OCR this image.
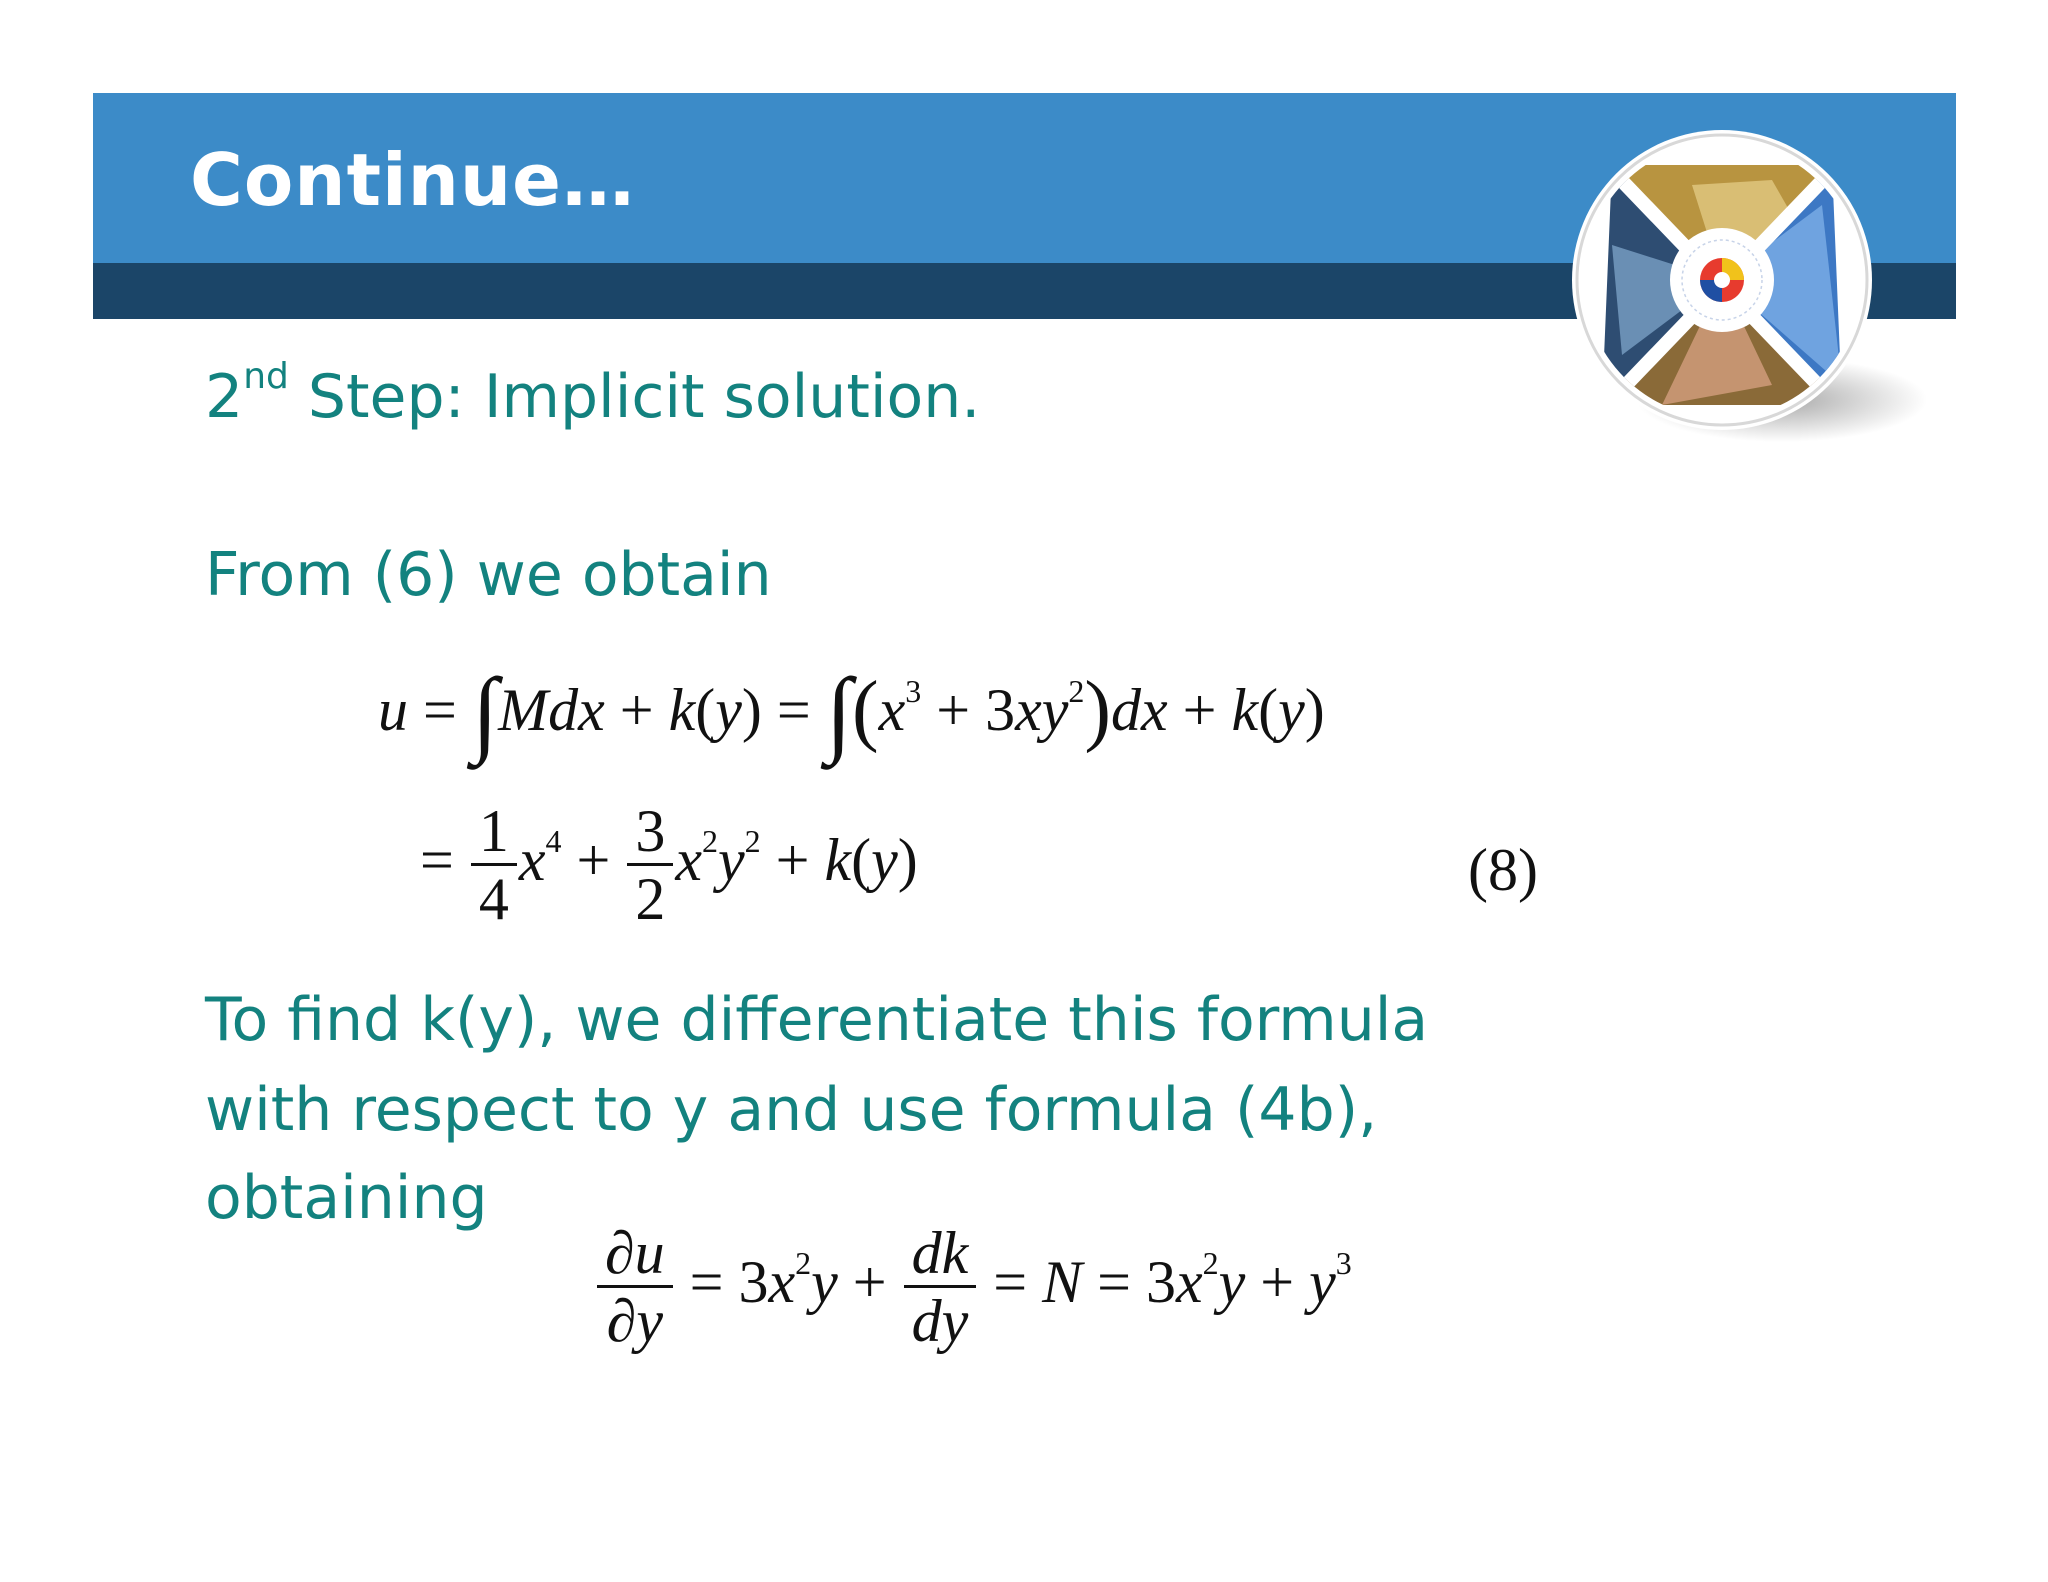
Continue…
2nd Step: Implicit solution.
From (6) we obtain
$u = \int Mdx + k(y) = \int(x^3 + 3xy^2)dx + k(y)$
= $\frac{1}{4} x^4 + \frac{3}{2} x^2y^2 + k(y)$	(8)
To find k(y), we differentiate this formula
with respect to y and use formula (4b),
obtaining
$\frac{\partial u}{\partial y} = 3x^2y + \frac{dk}{dy} = N = 3x^2y + y^3$
